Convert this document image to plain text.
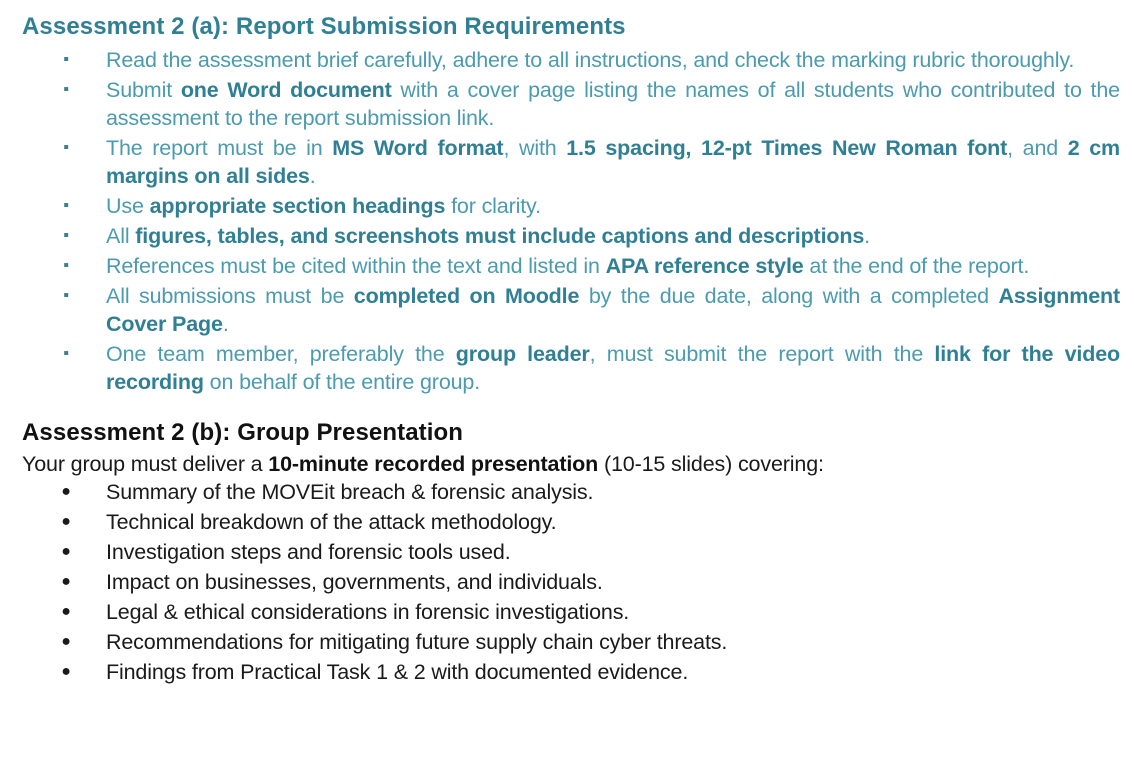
Assessment 2 (a): Report Submission Requirements
▪ Read the assessment brief carefully, adhere to all instructions, and check the marking rubric thoroughly.
▪ Submit one Word document with a cover page listing the names of all students who contributed to the assessment to the report submission link.
▪ The report must be in MS Word format, with 1.5 spacing, 12-pt Times New Roman font, and 2 cm margins on all sides.
▪ Use appropriate section headings for clarity.
▪ All figures, tables, and screenshots must include captions and descriptions.
▪ References must be cited within the text and listed in APA reference style at the end of the report.
▪ All submissions must be completed on Moodle by the due date, along with a completed Assignment Cover Page.
▪ One team member, preferably the group leader, must submit the report with the link for the video recording on behalf of the entire group.
Assessment 2 (b): Group Presentation

Your group must deliver a 10-minute recorded presentation (10-15 slides) covering:

● Summary of the MOVEit breach & forensic analysis.
● Technical breakdown of the attack methodology.
● Investigation steps and forensic tools used.
● Impact on businesses, governments, and individuals.
● Legal & ethical considerations in forensic investigations.
● Recommendations for mitigating future supply chain cyber threats.
● Findings from Practical Task 1 & 2 with documented evidence.
